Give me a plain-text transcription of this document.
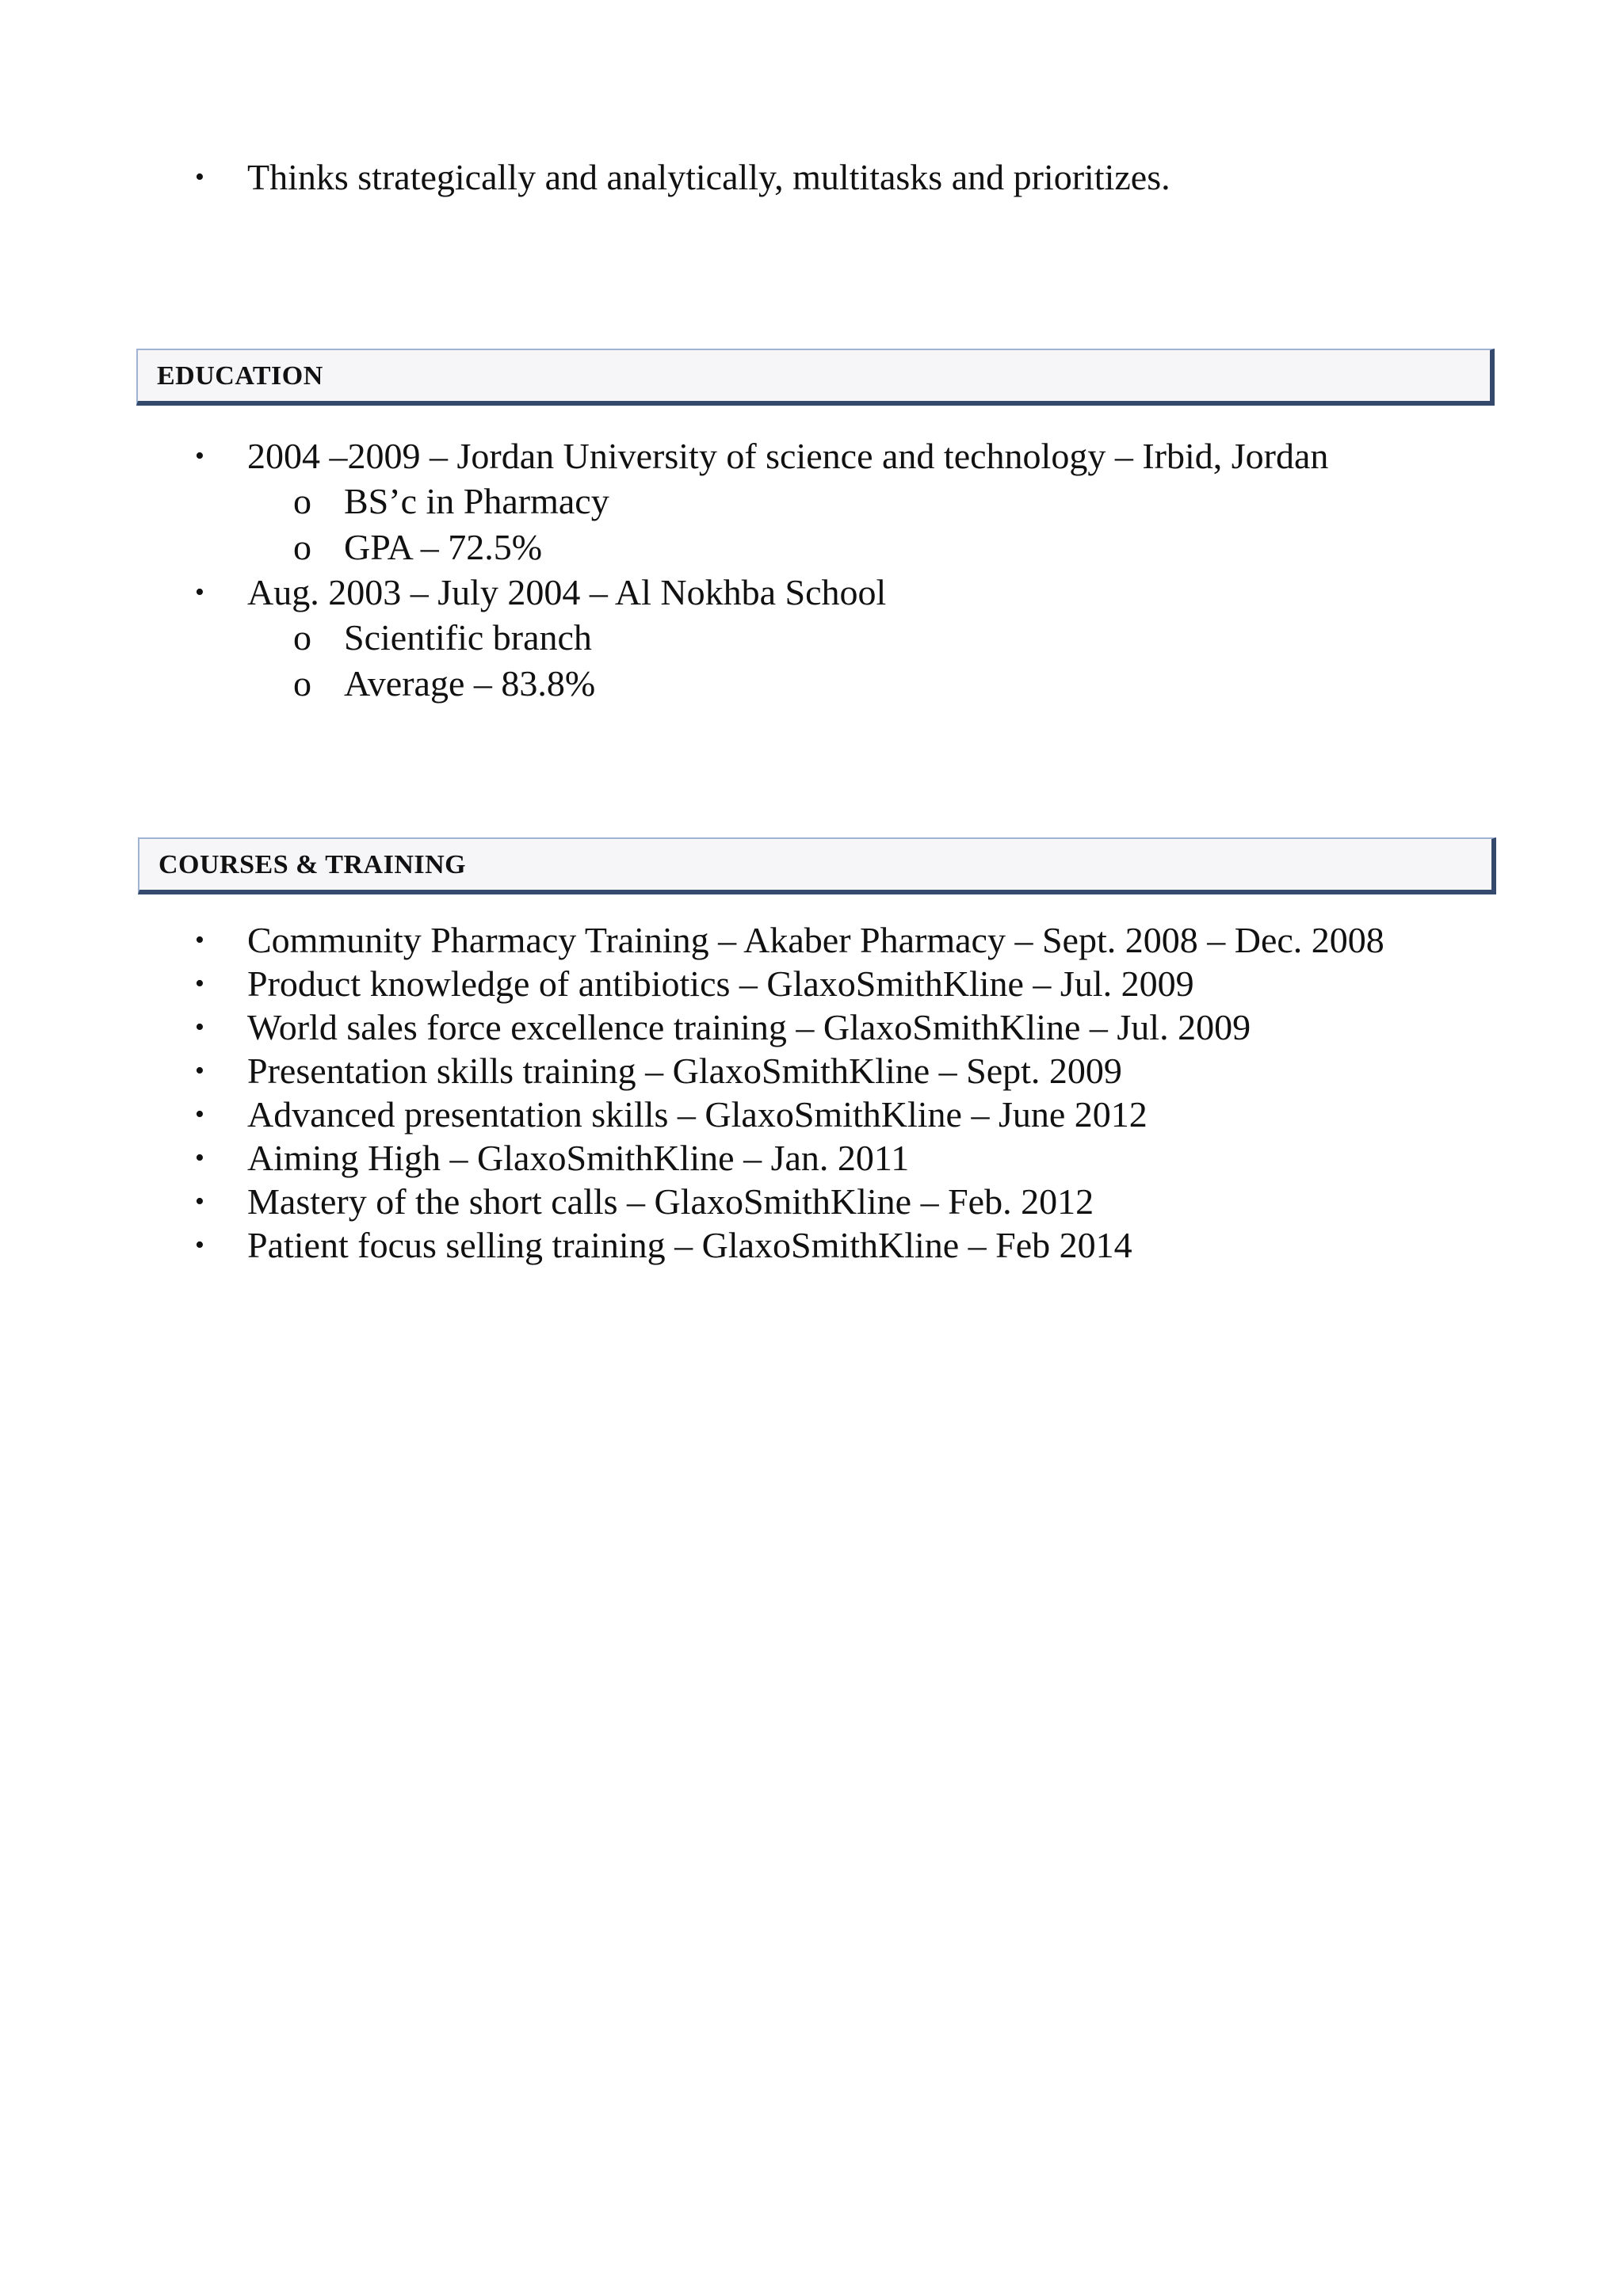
• Thinks strategically and analytically, multitasks and prioritizes.
EDUCATION
• 2004 –2009 – Jordan University of science and technology – Irbid, Jordan
o BS’c in Pharmacy
o GPA – 72.5%
• Aug. 2003 – July 2004 – Al Nokhba School
o Scientific branch
o Average – 83.8%
COURSES & TRAINING
• Community Pharmacy Training – Akaber Pharmacy – Sept. 2008 – Dec. 2008
• Product knowledge of antibiotics – GlaxoSmithKline – Jul. 2009
• World sales force excellence training – GlaxoSmithKline – Jul. 2009
• Presentation skills training – GlaxoSmithKline – Sept. 2009
• Advanced presentation skills – GlaxoSmithKline – June 2012
• Aiming High – GlaxoSmithKline – Jan. 2011
• Mastery of the short calls – GlaxoSmithKline – Feb. 2012
• Patient focus selling training – GlaxoSmithKline – Feb 2014
